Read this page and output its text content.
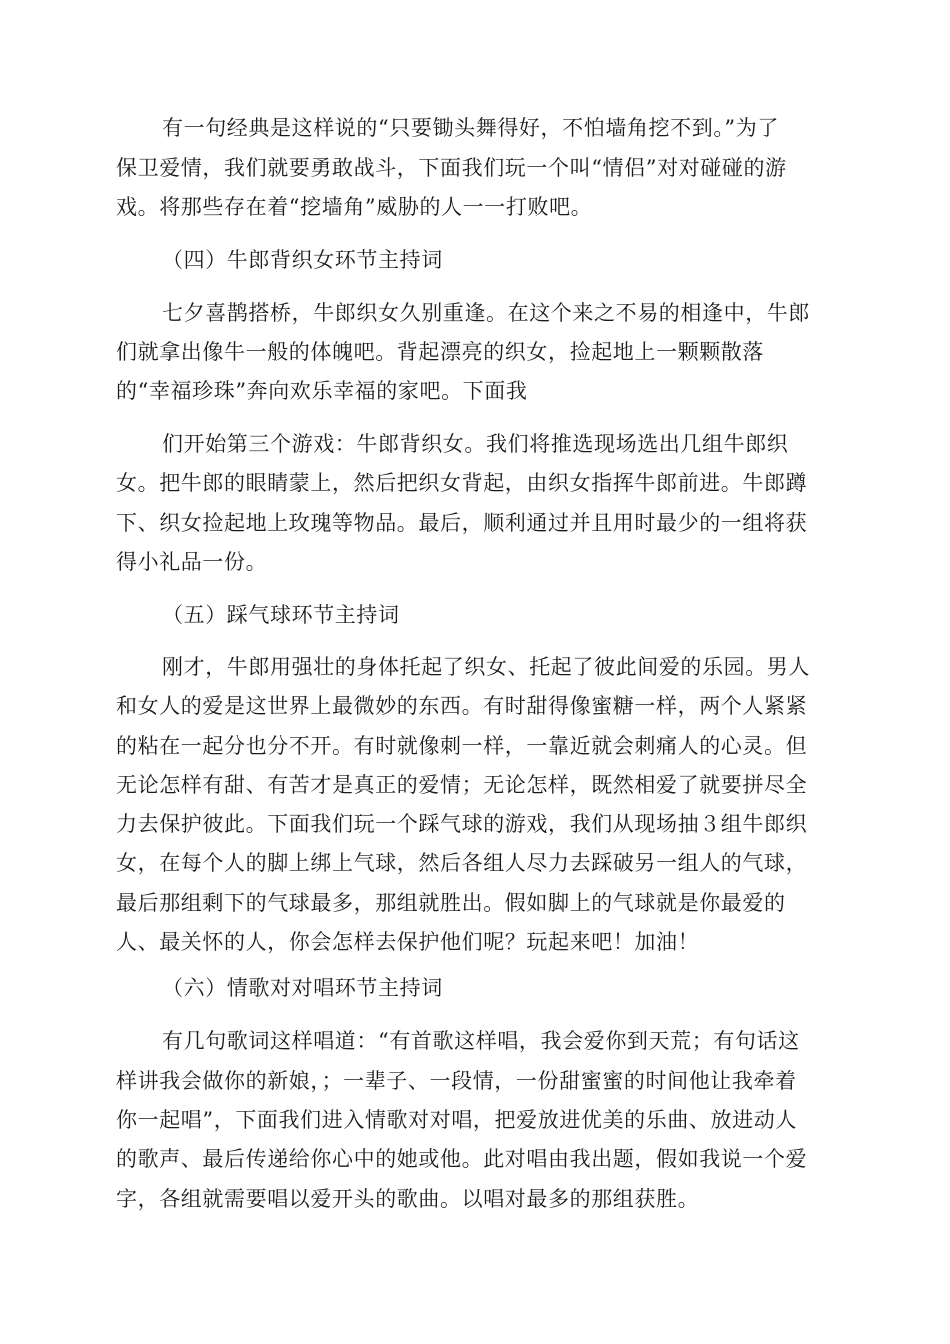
有一句经典是这样说的“只要锄头舞得好，不怕墙角挖不到。”为了
保卫爱情，我们就要勇敢战斗，下面我们玩一个叫“情侣”对对碰碰的游
戏。将那些存在着“挖墙角”威胁的人一一打败吧。
（四）牛郎背织女环节主持词
七夕喜鹊搭桥，牛郎织女久别重逢。在这个来之不易的相逢中，牛郎
们就拿出像牛一般的体魄吧。背起漂亮的织女，捡起地上一颗颗散落
的“幸福珍珠”奔向欢乐幸福的家吧。下面我
们开始第三个游戏：牛郎背织女。我们将推选现场选出几组牛郎织
女。把牛郎的眼睛蒙上，然后把织女背起，由织女指挥牛郎前进。牛郎蹲
下、织女捡起地上玫瑰等物品。最后，顺利通过并且用时最少的一组将获
得小礼品一份。
（五）踩气球环节主持词
刚才，牛郎用强壮的身体托起了织女、托起了彼此间爱的乐园。男人
和女人的爱是这世界上最微妙的东西。有时甜得像蜜糖一样，两个人紧紧
的粘在一起分也分不开。有时就像刺一样，一靠近就会刺痛人的心灵。但
无论怎样有甜、有苦才是真正的爱情；无论怎样，既然相爱了就要拼尽全
力去保护彼此。下面我们玩一个踩气球的游戏，我们从现场抽３组牛郎织
女，在每个人的脚上绑上气球，然后各组人尽力去踩破另一组人的气球，
最后那组剩下的气球最多，那组就胜出。假如脚上的气球就是你最爱的
人、最关怀的人，你会怎样去保护他们呢？玩起来吧！加油！
（六）情歌对对唱环节主持词
有几句歌词这样唱道：“有首歌这样唱，我会爱你到天荒；有句话这
样讲我会做你的新娘，；一辈子、一段情，一份甜蜜蜜的时间他让我牵着
你一起唱”，下面我们进入情歌对对唱，把爱放进优美的乐曲、放进动人
的歌声、最后传递给你心中的她或他。此对唱由我出题，假如我说一个爱
字，各组就需要唱以爱开头的歌曲。以唱对最多的那组获胜。
